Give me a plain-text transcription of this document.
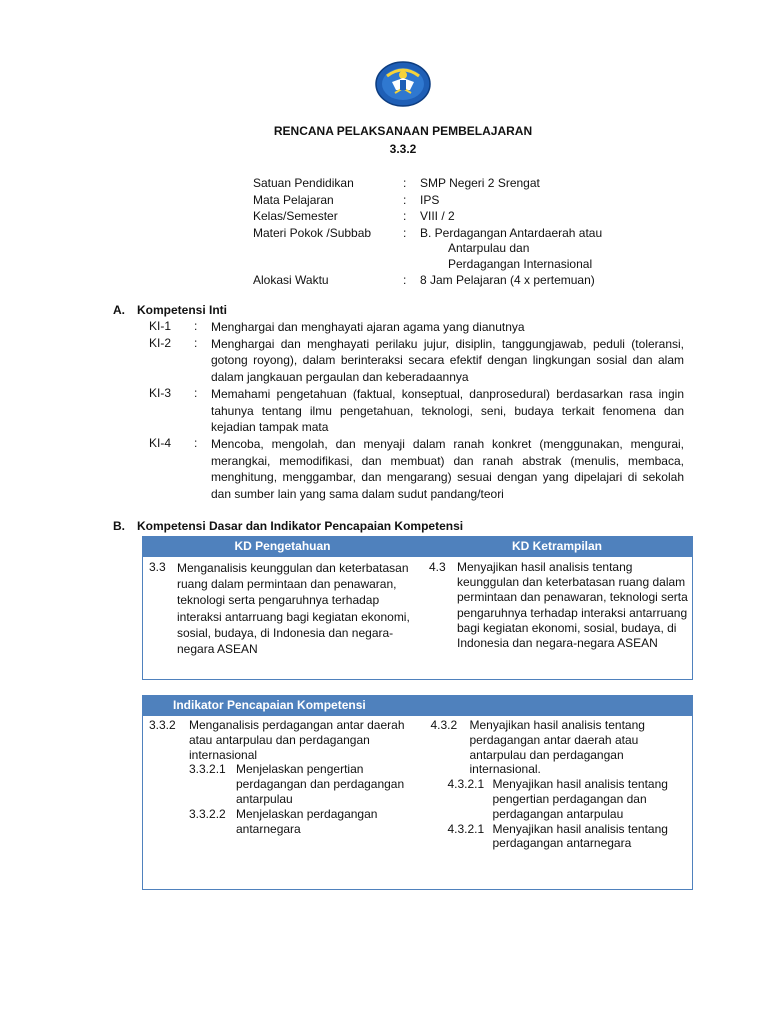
RENCANA PELAKSANAAN PEMBELAJARAN
3.3.2
Satuan Pendidikan	:	SMP Negeri 2 Srengat
Mata Pelajaran	:	IPS
Kelas/Semester	:	VIII / 2
Materi Pokok /Subbab	:	B. Perdagangan Antardaerah atau
Antarpulau dan Perdagangan Internasional
Alokasi Waktu	:	8 Jam Pelajaran (4 x pertemuan)
A.	Kompetensi Inti
KI-1	:	Menghargai dan menghayati ajaran agama yang dianutnya
KI-2	:	Menghargai dan menghayati perilaku jujur, disiplin, tanggungjawab, peduli (toleransi, gotong royong), dalam berinteraksi secara efektif dengan lingkungan sosial dan alam dalam jangkauan pergaulan dan keberadaannya
KI-3	:	Memahami pengetahuan (faktual, konseptual, danprosedural) berdasarkan rasa ingin tahunya tentang ilmu pengetahuan, teknologi, seni, budaya terkait fenomena dan kejadian tampak mata
KI-4	:	Mencoba, mengolah, dan menyaji dalam ranah konkret (menggunakan, mengurai, merangkai, memodifikasi, dan membuat) dan ranah abstrak (menulis, membaca, menghitung, menggambar, dan mengarang) sesuai dengan yang dipelajari di sekolah dan sumber lain yang sama dalam sudut pandang/teori
B.	Kompetensi Dasar dan Indikator Pencapaian Kompetensi
KD Pengetahuan	KD Ketrampilan
3.3 Menganalisis keunggulan dan keterbatasan ruang dalam permintaan dan penawaran, teknologi serta pengaruhnya terhadap interaksi antarruang bagi kegiatan ekonomi, sosial, budaya, di Indonesia dan negara-negara ASEAN
4.3 Menyajikan hasil analisis tentang keunggulan dan keterbatasan ruang dalam permintaan dan penawaran, teknologi serta pengaruhnya terhadap interaksi antarruang bagi kegiatan ekonomi, sosial, budaya, di Indonesia dan negara-negara ASEAN
Indikator Pencapaian Kompetensi
3.3.2	Menganalisis perdagangan antar daerah atau antarpulau dan perdagangan internasional
3.3.2.1 Menjelaskan pengertian perdagangan dan perdagangan antarpulau
3.3.2.2 Menjelaskan perdagangan antarnegara
4.3.2	Menyajikan hasil analisis tentang perdagangan antar daerah atau antarpulau dan perdagangan internasional.
4.3.2.1 Menyajikan hasil analisis tentang pengertian perdagangan dan perdagangan antarpulau
4.3.2.1 Menyajikan hasil analisis tentang perdagangan antarnegara
